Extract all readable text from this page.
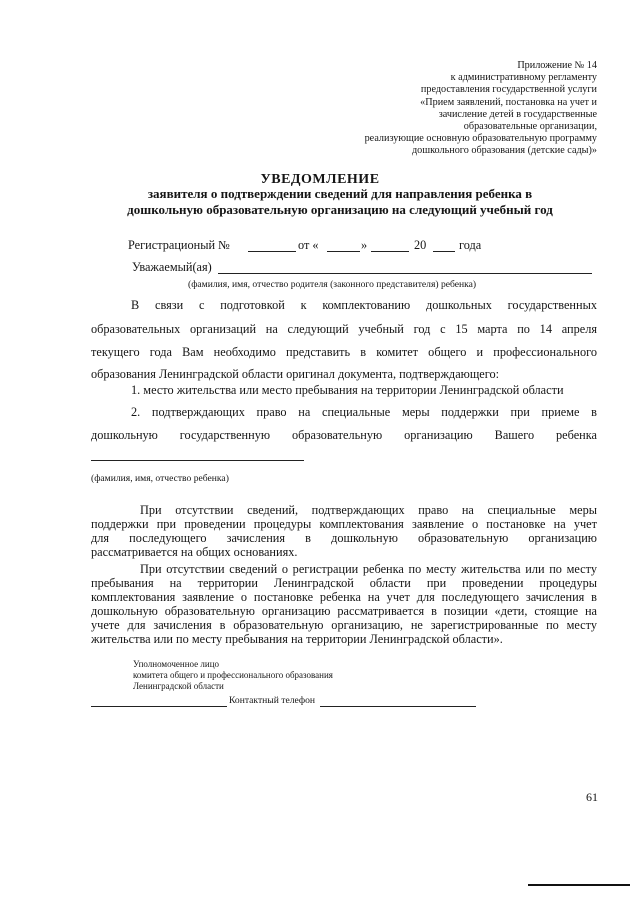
Приложение № 14
к административному регламенту
предоставления государственной услуги
«Прием заявлений, постановка на учет и
зачисление детей в государственные
образовательные организации,
реализующие основную образовательную программу
дошкольного образования (детские сады)»
УВЕДОМЛЕНИЕ
заявителя о подтверждении сведений для направления ребенка в
дошкольную образовательную организацию на следующий учебный год
Регистрационый №	от «	»	20	года
Уважаемый(ая)
(фамилия, имя, отчество родителя (законного представителя) ребенка)
В связи с подготовкой к комплектованию дошкольных государственных
образовательных организаций на следующий учебный год с 15 марта по 14 апреля
текущего года Вам необходимо представить в комитет общего и профессионального
образования Ленинградской области оригинал документа, подтверждающего:
1. место жительства или место пребывания на территории Ленинградской области
2. подтверждающих право на специальные меры поддержки при приеме в
дошкольную государственную образовательную организацию Вашего ребенка
(фамилия, имя, отчество ребенка)
При отсутствии сведений, подтверждающих право на специальные меры
поддержки при проведении процедуры комплектования заявление о постановке на учет
для последующего зачисления в дошкольную образовательную организацию
рассматривается на общих основаниях.
При отсутствии сведений о регистрации ребенка по месту жительства или по месту
пребывания на территории Ленинградской области при проведении процедуры
комплектования заявление о постановке ребенка на учет для последующего зачисления в
дошкольную образовательную организацию рассматривается в позиции «дети, стоящие на
учете для зачисления в образовательную организацию, не зарегистрированные по месту
жительства или по месту пребывания на территории Ленинградской области».
Уполномоченное лицо
комитета общего и профессионального образования
Ленинградской области
Контактный телефон
61
